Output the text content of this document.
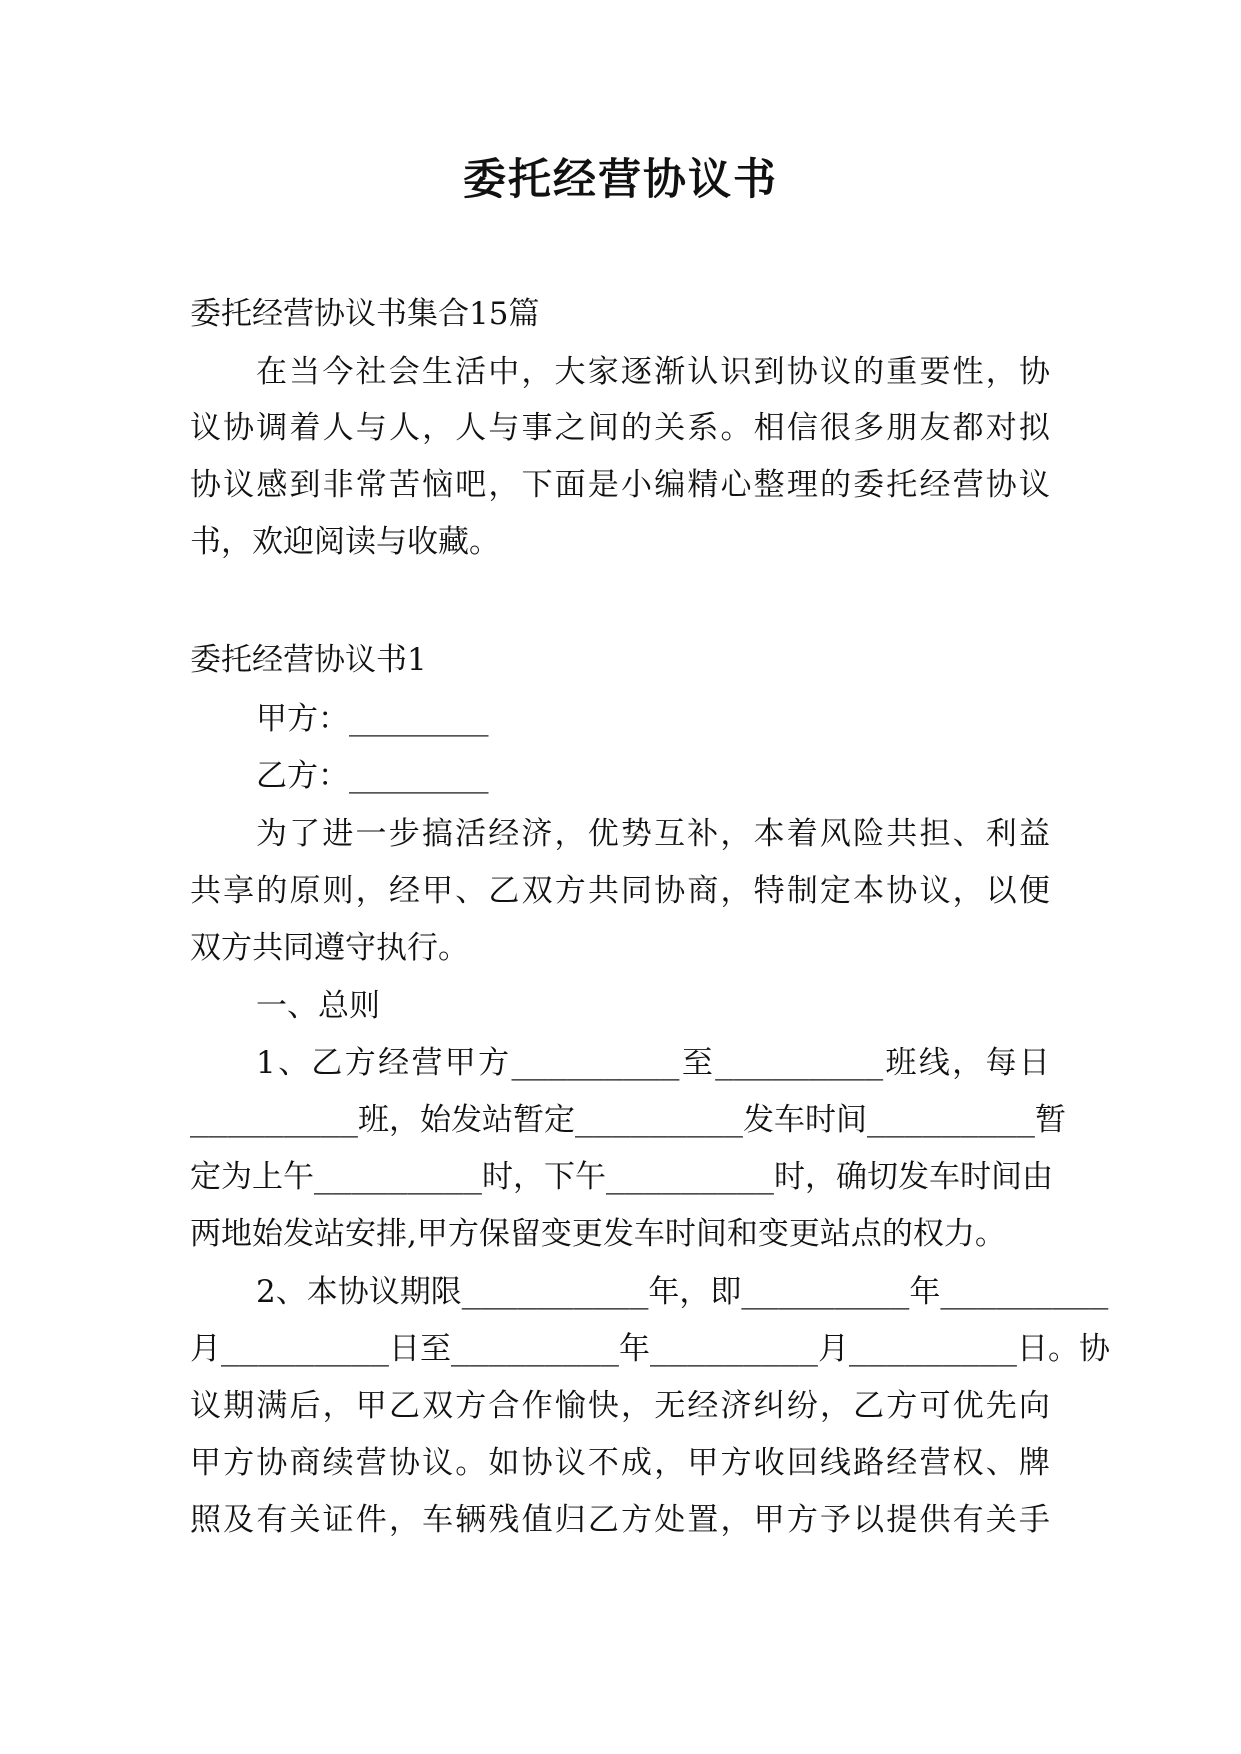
委托经营协议书
委托经营协议书集合15篇
在 当 今 社 会 生 活 中 ， 大 家 逐 渐 认 识 到 协 议 的 重 要 性 ， 协
议 协 调 着 人 与 人 ， 人 与 事 之 间 的 关 系 。 相 信 很 多 朋 友 都 对 拟
协 议 感 到 非 常 苦 恼 吧 ， 下 面 是 小 编 精 心 整 理 的 委 托 经 营 协 议
书，欢迎阅读与收藏。
委托经营协议书1
甲方：_________
乙方：_________
为 了 进 一 步 搞 活 经 济 ， 优 势 互 补 ， 本 着 风 险 共 担 、 利 益
共 享 的 原 则 ， 经 甲 、 乙 双 方 共 同 协 商 ， 特 制 定 本 协 议 ， 以 便
双方共同遵守执行。
一、总则
1 、 乙 方 经 营 甲 方 _________ 至 _________ 班 线 ， 每 日
_________ 班 ， 始 发 站 暂 定 _________ 发 车 时 间 _________ 暂
定 为 上 午 _________ 时 ， 下 午 _________ 时 ， 确 切 发 车 时 间 由
两地始发站安排,甲方保留变更发车时间和变更站点的权力。
2 、 本 协 议 期 限 __________ 年 ， 即 _________ 年 _________
月 _________ 日 至 _________ 年 _________ 月 _________ 日 。 协
议 期 满 后 ， 甲 乙 双 方 合 作 愉 快 ， 无 经 济 纠 纷 ， 乙 方 可 优 先 向
甲 方 协 商 续 营 协 议 。 如 协 议 不 成 ， 甲 方 收 回 线 路 经 营 权 、 牌
照 及 有 关 证 件 ， 车 辆 残 值 归 乙 方 处 置 ， 甲 方 予 以 提 供 有 关 手
